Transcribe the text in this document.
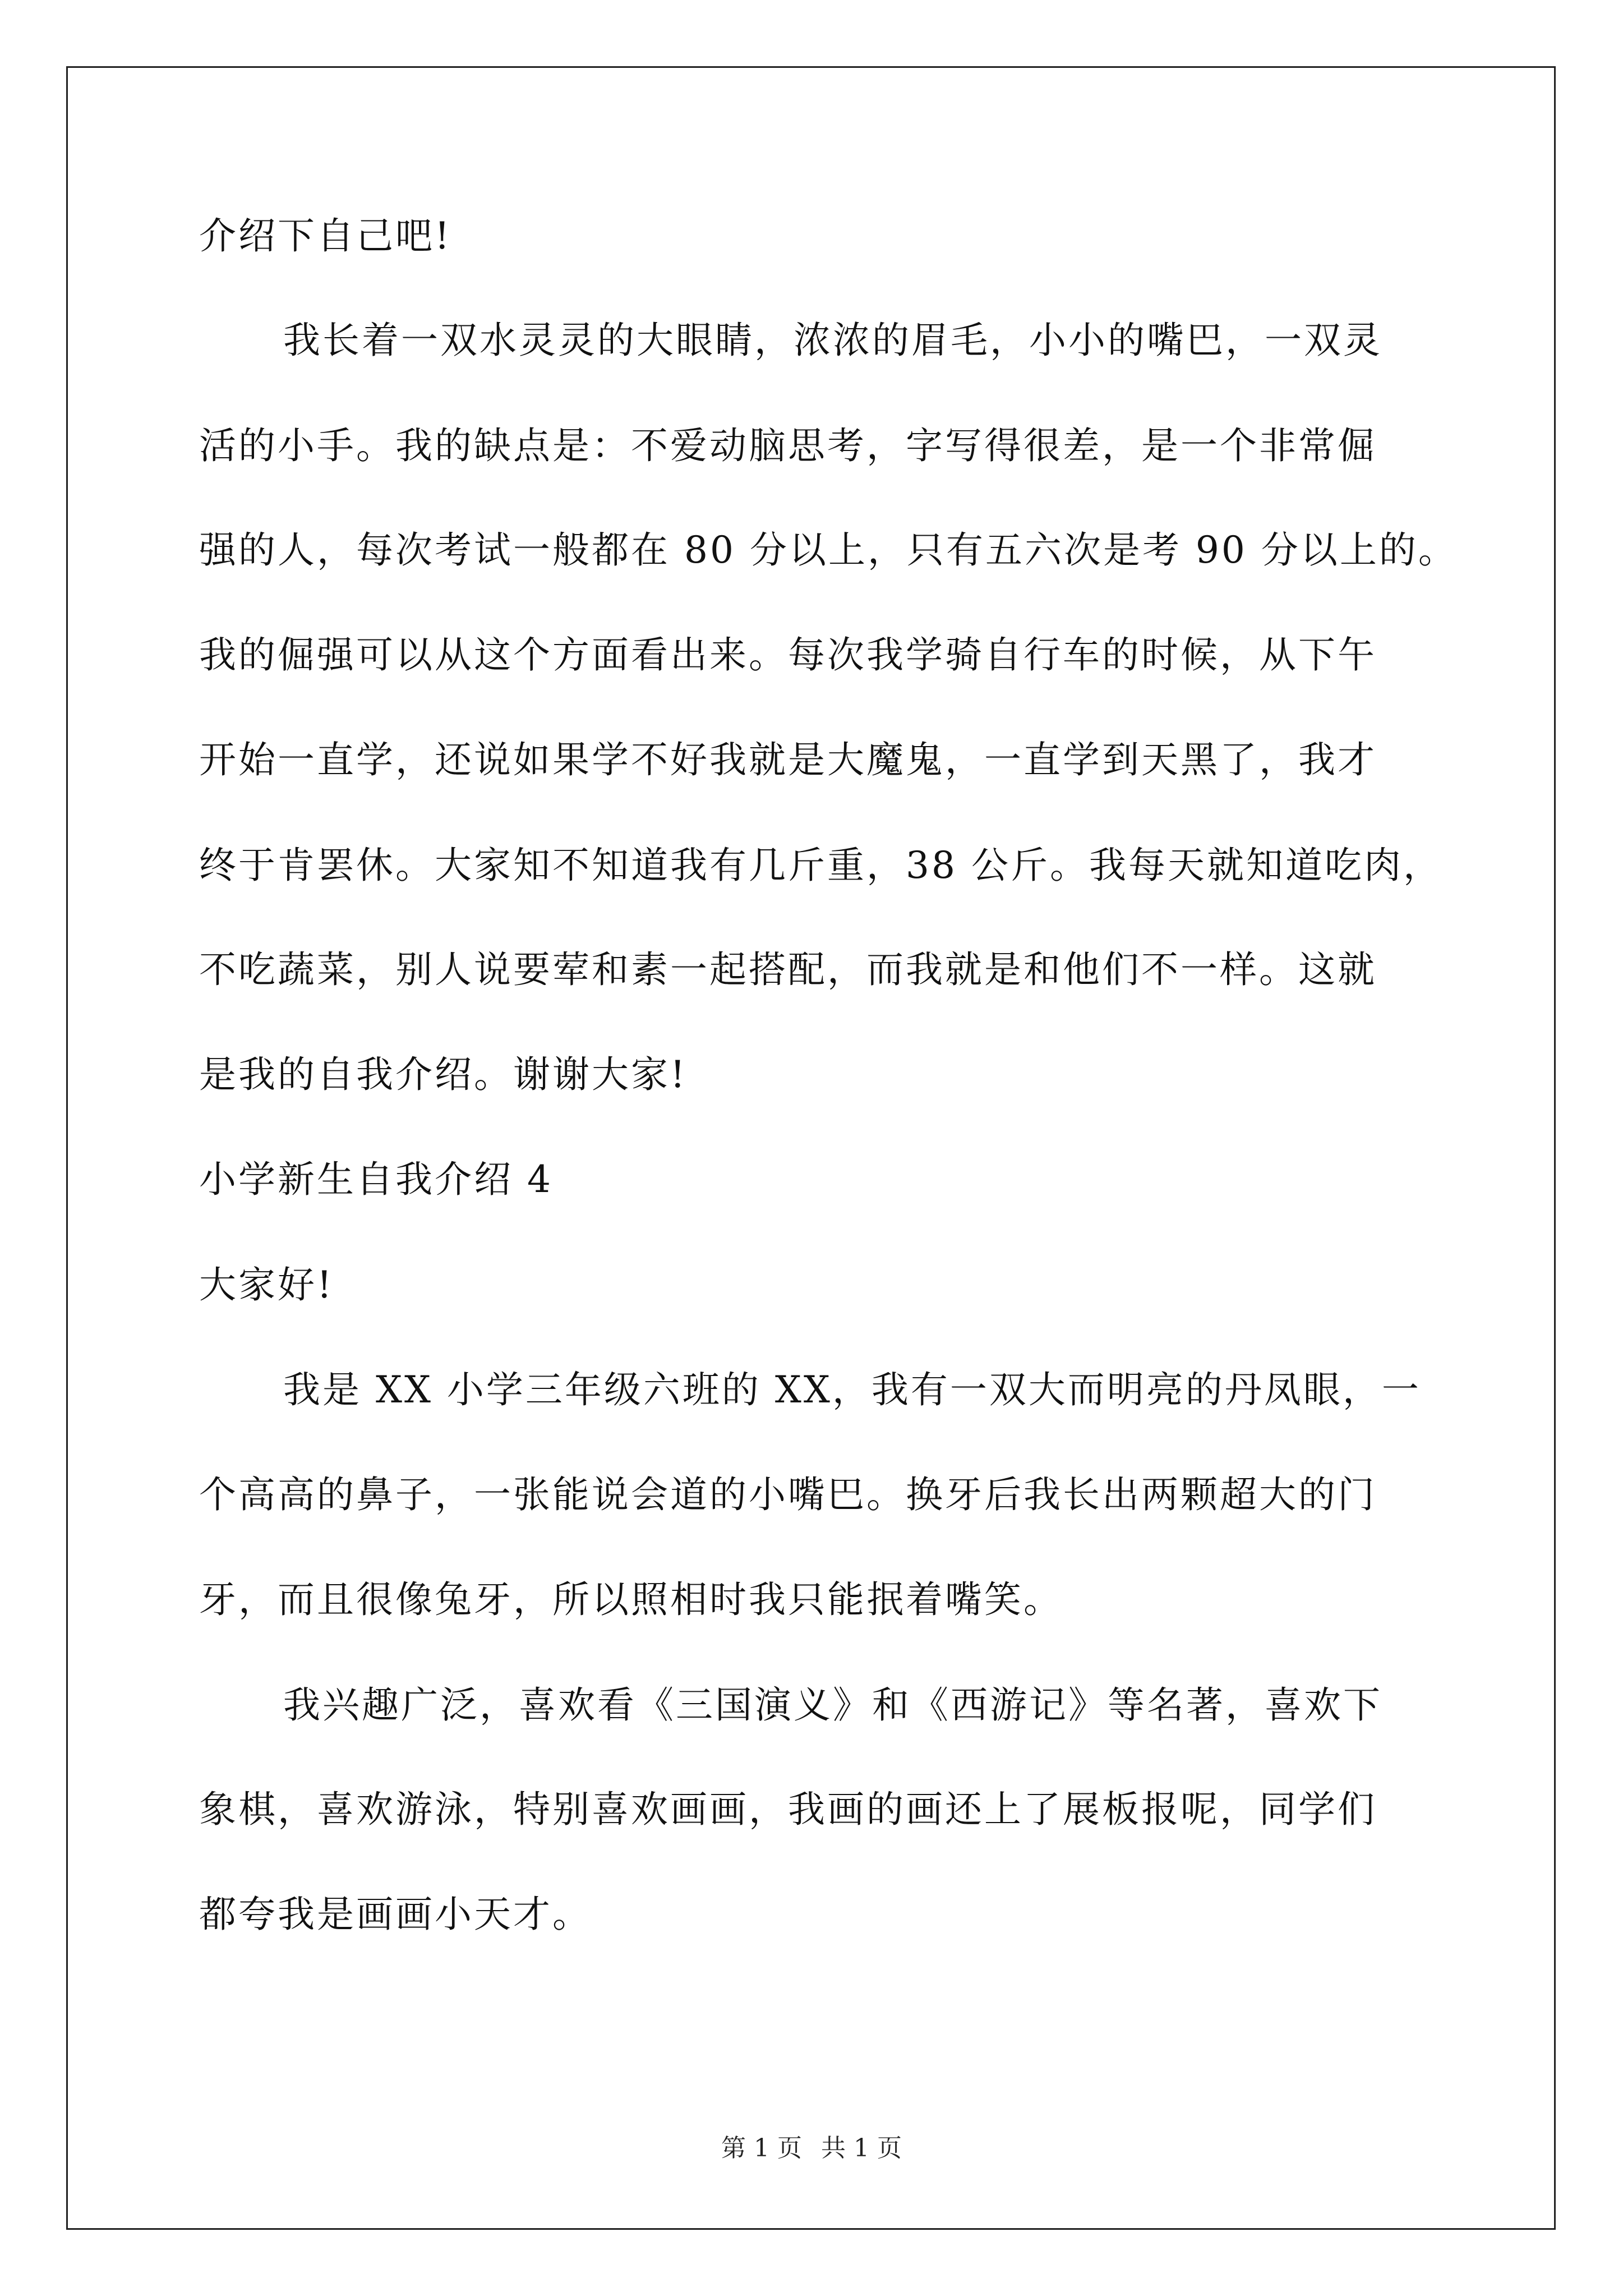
介绍下自己吧!
我长着一双水灵灵的大眼睛，浓浓的眉毛，小小的嘴巴，一双灵
活的小手。我的缺点是：不爱动脑思考，字写得很差，是一个非常倔
强的人，每次考试一般都在 80 分以上，只有五六次是考 90 分以上的。
我的倔强可以从这个方面看出来。每次我学骑自行车的时候，从下午
开始一直学，还说如果学不好我就是大魔鬼，一直学到天黑了，我才
终于肯罢休。大家知不知道我有几斤重，38 公斤。我每天就知道吃肉，
不吃蔬菜，别人说要荤和素一起搭配，而我就是和他们不一样。这就
是我的自我介绍。谢谢大家!
小学新生自我介绍 4
大家好!
我是 XX 小学三年级六班的 XX，我有一双大而明亮的丹凤眼，一
个高高的鼻子，一张能说会道的小嘴巴。换牙后我长出两颗超大的门
牙，而且很像兔牙，所以照相时我只能抿着嘴笑。
我兴趣广泛，喜欢看《三国演义》和《西游记》等名著，喜欢下
象棋，喜欢游泳，特别喜欢画画，我画的画还上了展板报呢，同学们
都夸我是画画小天才。
第 1 页 共 1 页
